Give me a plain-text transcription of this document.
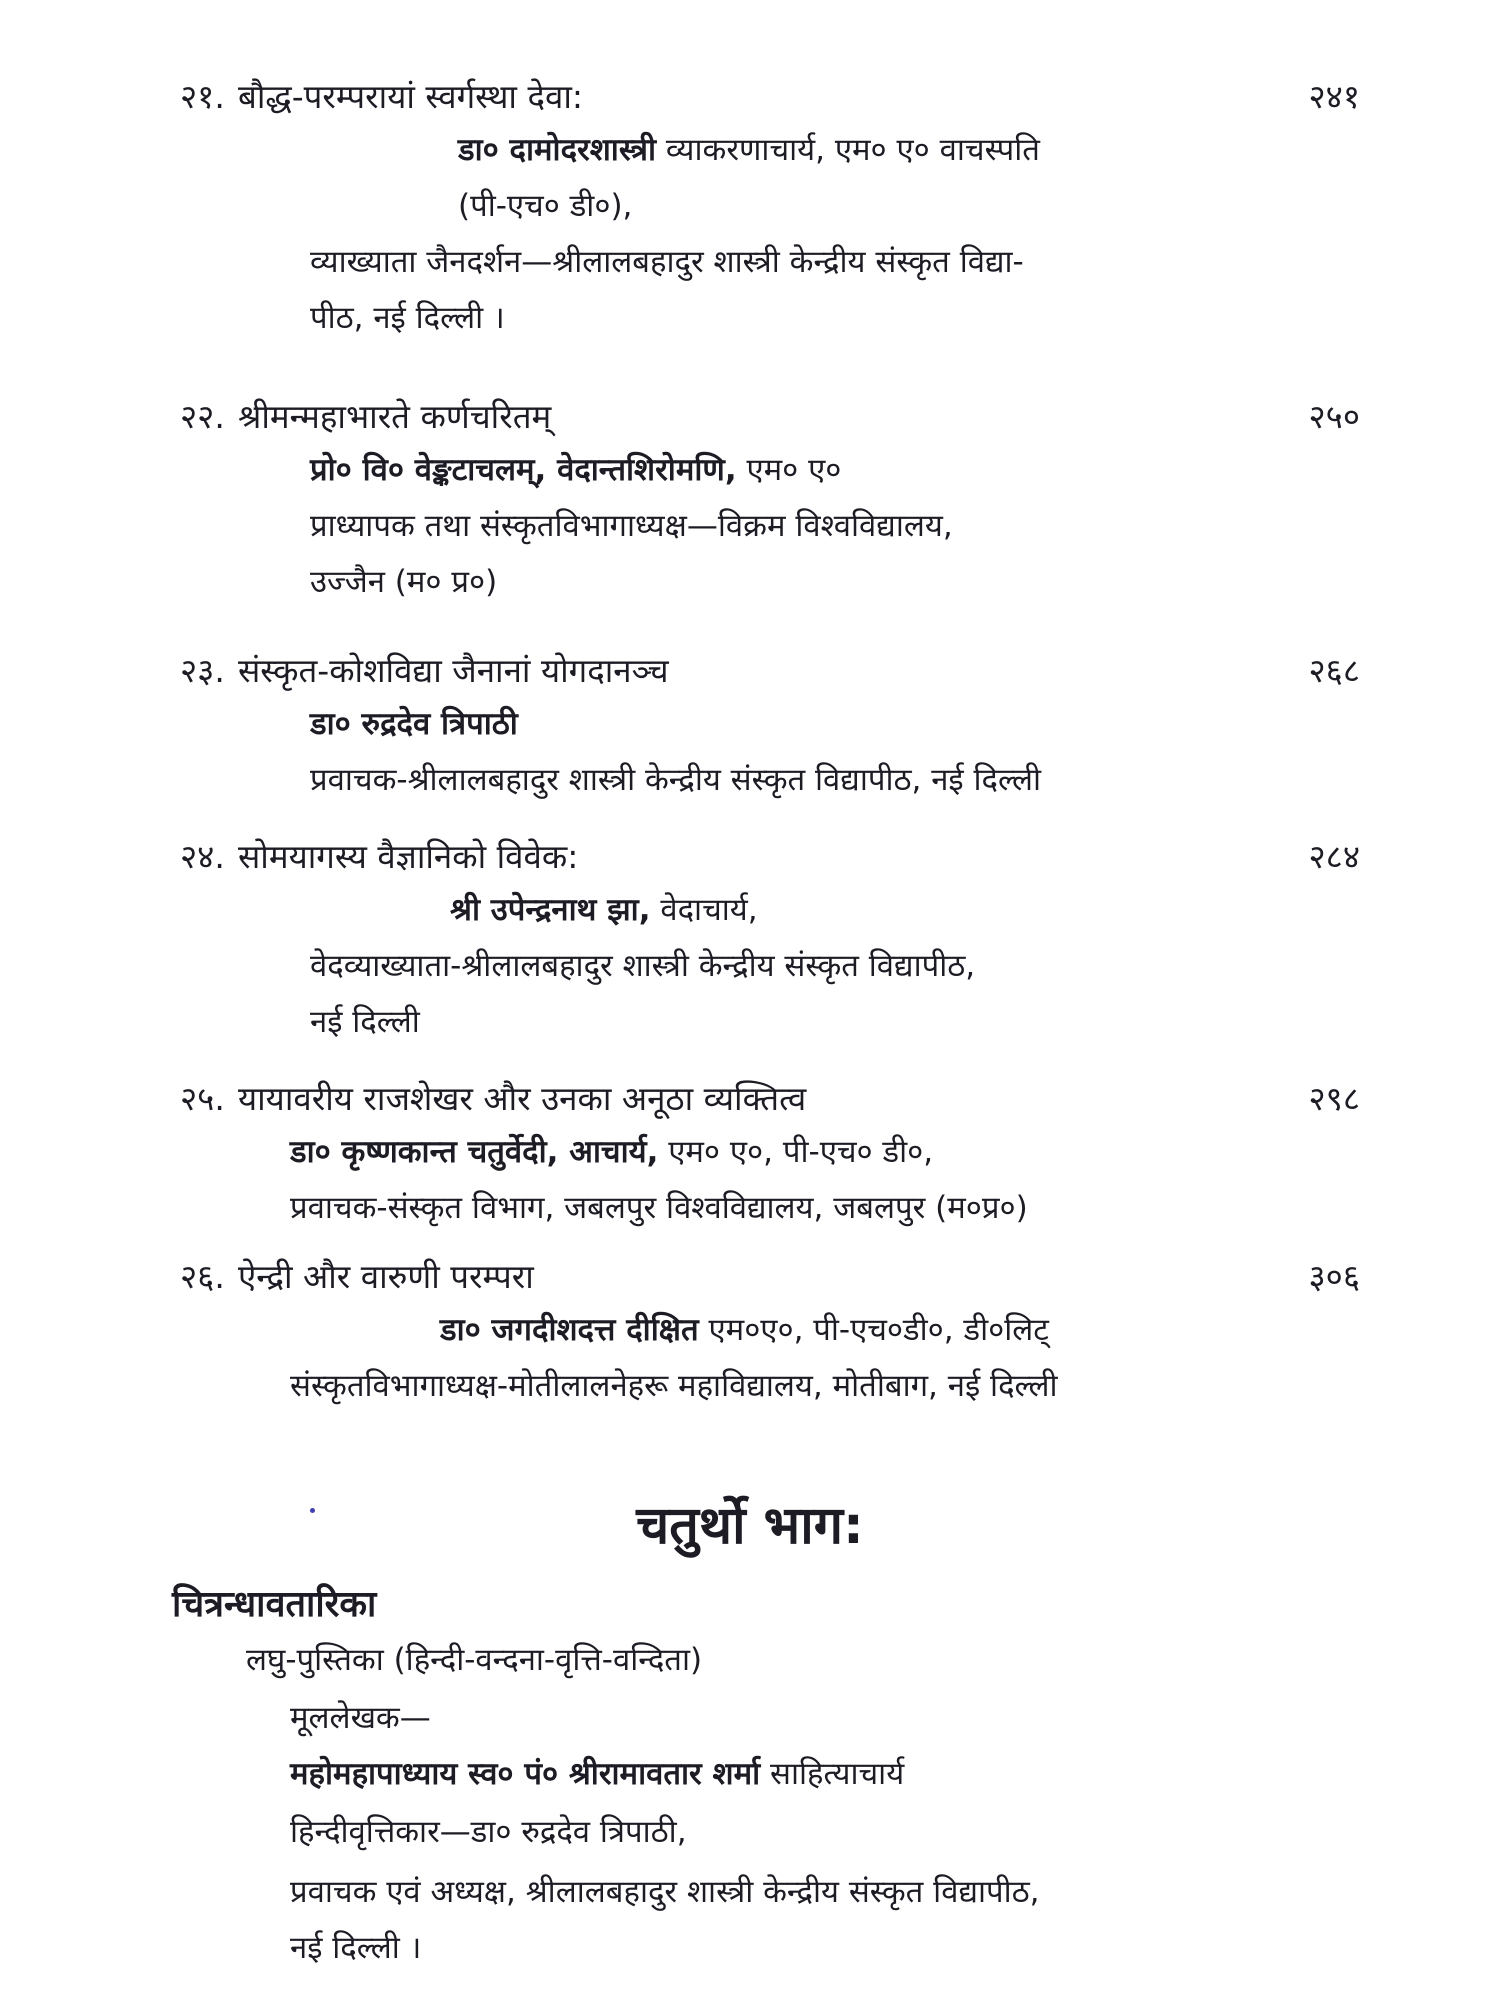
२१. बौद्ध-परम्परायां स्वर्गस्था देवा:	२४१
डा० दामोदरशास्त्री व्याकरणाचार्य, एम० ए० वाचस्पति
(पी-एच० डी०),
व्याख्याता जैनदर्शन—श्रीलालबहादुर शास्त्री केन्द्रीय संस्कृत विद्या-
पीठ, नई दिल्ली ।
२२. श्रीमन्महाभारते कर्णचरितम्	२५०
प्रो० वि० वेङ्कटाचलम्, वेदान्तशिरोमणि, एम० ए०
प्राध्यापक तथा संस्कृतविभागाध्यक्ष—विक्रम विश्वविद्यालय,
उज्जैन (म० प्र०)
२३. संस्कृत-कोशविद्या जैनानां योगदानञ्च	२६८
डा० रुद्रदेव त्रिपाठी
प्रवाचक-श्रीलालबहादुर शास्त्री केन्द्रीय संस्कृत विद्यापीठ, नई दिल्ली
२४. सोमयागस्य वैज्ञानिको विवेक:	२८४
श्री उपेन्द्रनाथ झा, वेदाचार्य,
वेदव्याख्याता-श्रीलालबहादुर शास्त्री केन्द्रीय संस्कृत विद्यापीठ,
नई दिल्ली
२५. यायावरीय राजशेखर और उनका अनूठा व्यक्तित्व	२९८
डा० कृष्णकान्त चतुर्वेदी, आचार्य, एम० ए०, पी-एच० डी०,
प्रवाचक-संस्कृत विभाग, जबलपुर विश्वविद्यालय, जबलपुर (म०प्र०)
२६. ऐन्द्री और वारुणी परम्परा	३०६
डा० जगदीशदत्त दीक्षित एम०ए०, पी-एच०डी०, डी०लिट्
संस्कृतविभागाध्यक्ष-मोतीलालनेहरू महाविद्यालय, मोतीबाग, नई दिल्ली
चतुर्थो भाग:
चित्रन्धावतारिका
लघु-पुस्तिका (हिन्दी-वन्दना-वृत्ति-वन्दिता)
मूललेखक—
महोमहापाध्याय स्व० पं० श्रीरामावतार शर्मा साहित्याचार्य
हिन्दीवृत्तिकार—डा० रुद्रदेव त्रिपाठी,
प्रवाचक एवं अध्यक्ष, श्रीलालबहादुर शास्त्री केन्द्रीय संस्कृत विद्यापीठ,
नई दिल्ली ।
